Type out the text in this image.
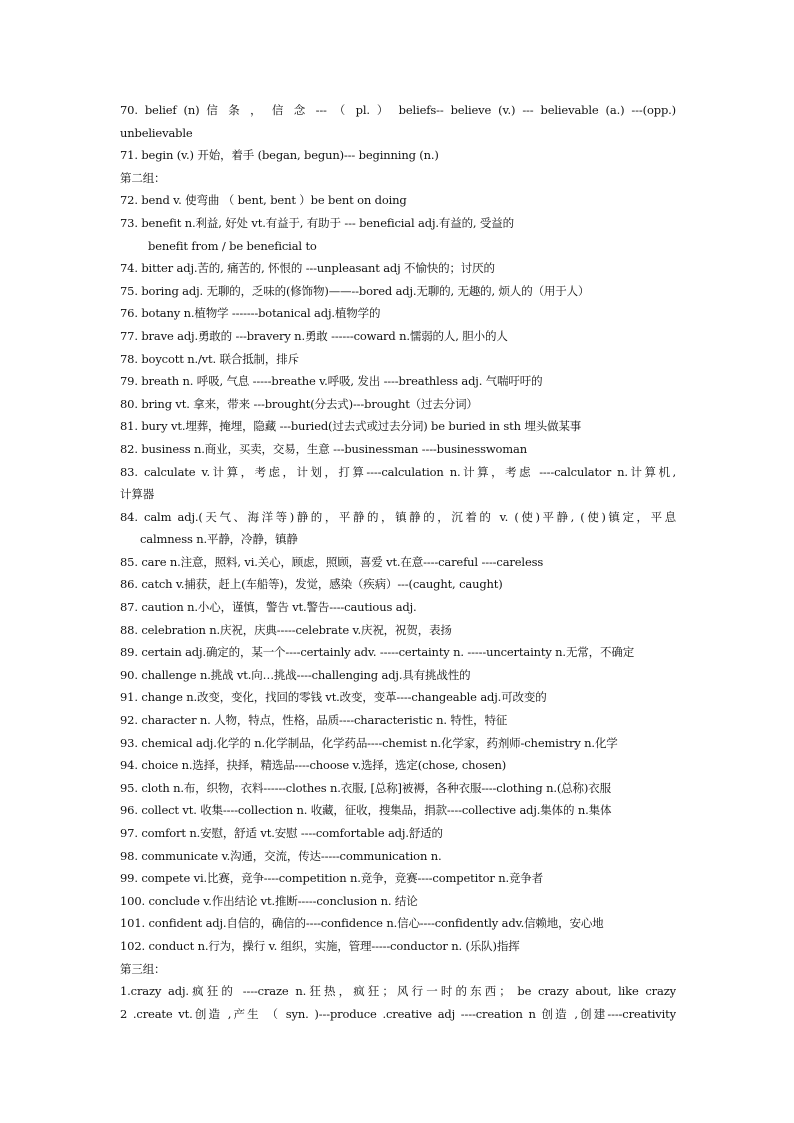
70. belief (n) 信 条 ， 信 念 --- （ pl. ） beliefs-- believe (v.) --- believable (a.) ---(opp.)
unbelievable
71. begin (v.) 开始，着手 (began, begun)--- beginning (n.)
第二组：
72. bend v. 使弯曲 （ bent, bent ）be bent on doing
73. benefit n.利益, 好处 vt.有益于, 有助于 --- beneficial adj.有益的, 受益的
benefit from / be beneficial to
74. bitter adj.苦的, 痛苦的, 怀恨的 ---unpleasant adj 不愉快的；讨厌的
75. boring adj. 无聊的，乏味的(修饰物)——--bored adj.无聊的, 无趣的, 烦人的（用于人）
76. botany n.植物学 -------botanical adj.植物学的
77. brave adj.勇敢的 ---bravery n.勇敢 ------coward n.懦弱的人, 胆小的人
78. boycott n./vt. 联合抵制，排斥
79. breath n. 呼吸, 气息 -----breathe v.呼吸, 发出 ----breathless adj. 气喘吁吁的
80. bring vt. 拿来，带来 ---brought(分去式)---brought（过去分词）
81. bury vt.埋葬，掩埋，隐藏 ---buried(过去式或过去分词) be buried in sth 埋头做某事
82. business n.商业，买卖，交易，生意 ---businessman ----businesswoman
83. calculate v.计算，考虑，计划，打算----calculation n.计算，考虑 ----calculator n.计算机,
计算器
84. calm adj.(天气、海洋等)静的，平静的，镇静的，沉着的 v. (使)平静, (使)镇定，平息
calmness n.平静，冷静，镇静
85. care n.注意，照料, vi.关心，顾虑，照顾，喜爱 vt.在意----careful ----careless
86. catch v.捕获，赶上(车船等)，发觉，感染（疾病）---(caught, caught)
87. caution n.小心，谨慎，警告 vt.警告----cautious adj.
88. celebration n.庆祝，庆典-----celebrate v.庆祝，祝贺，表扬
89. certain adj.确定的，某一个----certainly adv. -----certainty n. -----uncertainty n.无常，不确定
90. challenge n.挑战 vt.向…挑战----challenging adj.具有挑战性的
91. change n.改变，变化，找回的零钱 vt.改变，变革----changeable adj.可改变的
92. character n. 人物，特点，性格，品质----characteristic n. 特性，特征
93. chemical adj.化学的 n.化学制品，化学药品----chemist n.化学家，药剂师-chemistry n.化学
94. choice n.选择，抉择，精选品----choose v.选择，选定(chose, chosen)
95. cloth n.布，织物，衣料------clothes n.衣服, [总称]被褥，各种衣服----clothing n.(总称)衣服
96. collect vt. 收集----collection n. 收藏，征收，搜集品，捐款----collective adj.集体的 n.集体
97. comfort n.安慰，舒适 vt.安慰 ----comfortable adj.舒适的
98. communicate v.沟通，交流，传达-----communication n.
99. compete vi.比赛，竞争----competition n.竞争，竞赛----competitor n.竞争者
100. conclude v.作出结论 vt.推断-----conclusion n. 结论
101. confident adj.自信的，确信的----confidence n.信心----confidently adv.信赖地，安心地
102. conduct n.行为，操行 v. 组织，实施，管理-----conductor n. (乐队)指挥
第三组：
1.crazy adj.疯狂的 ----craze n.狂热，疯狂；风行一时的东西； be crazy about, like crazy
2 .create vt.创造 ,产生 （ syn. )---produce .creative adj ----creation n 创造 ,创建----creativity
